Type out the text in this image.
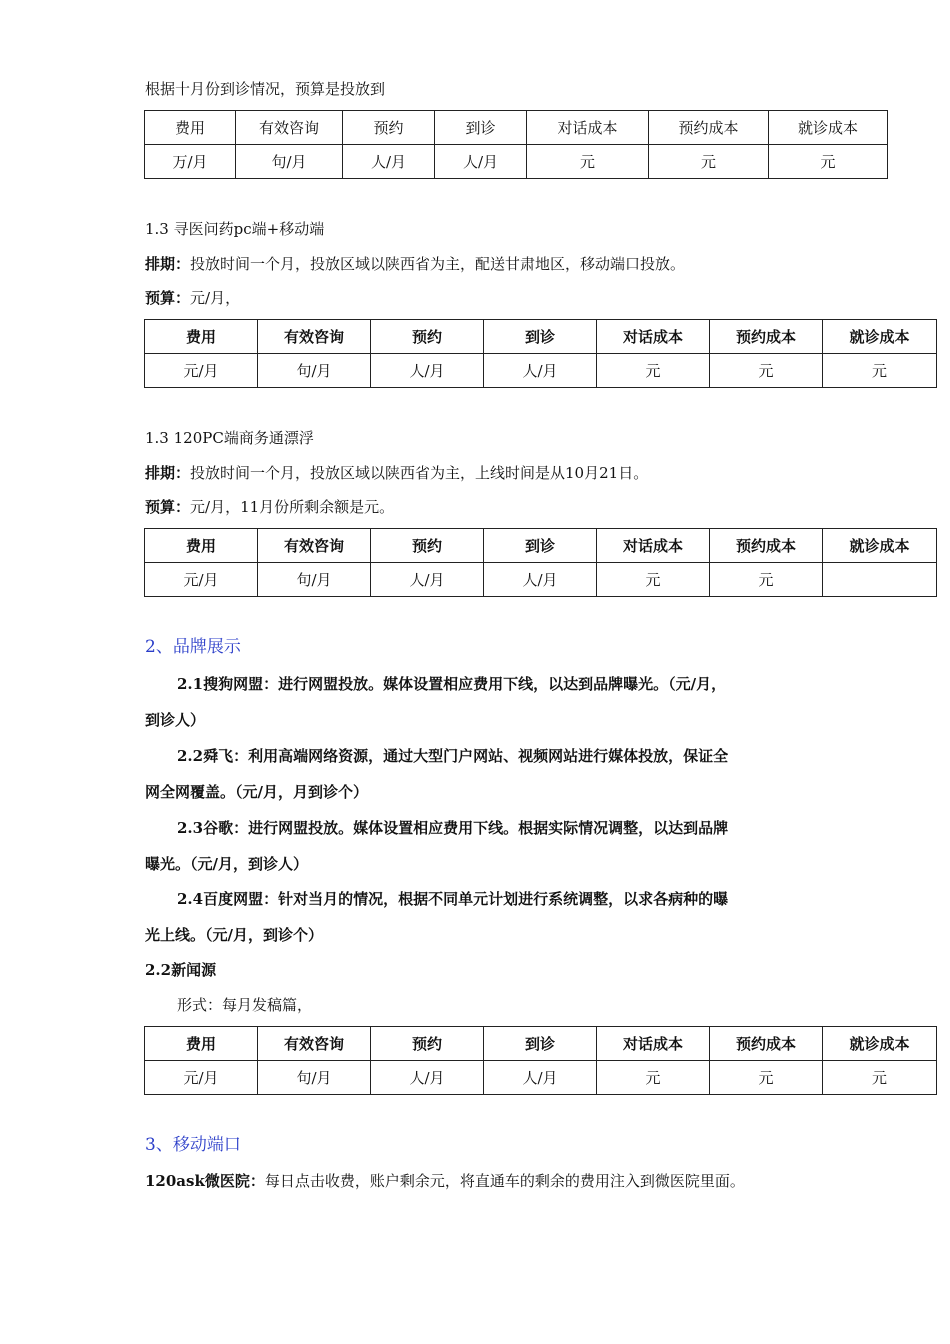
根据十月份到诊情况，预算是投放到
费用	有效咨询	预约	到诊	对话成本	预约成本	就诊成本
万/月	句/月	人/月	人/月	元	元	元
1.3 寻医问药pc端+移动端
排期：投放时间一个月，投放区域以陕西省为主，配送甘肃地区，移动端口投放。
预算：元/月，
费用	有效咨询	预约	到诊	对话成本	预约成本	就诊成本
元/月	句/月	人/月	人/月	元	元	元
1.3 120PC端商务通漂浮
排期：投放时间一个月，投放区域以陕西省为主，上线时间是从10月21日。
预算：元/月，11月份所剩余额是元。
费用	有效咨询	预约	到诊	对话成本	预约成本	就诊成本
元/月	句/月	人/月	人/月	元	元	
2、品牌展示
2.1搜狗网盟：进行网盟投放。媒体设置相应费用下线，以达到品牌曝光。（元/月，
到诊人）
2.2舜飞：利用高端网络资源，通过大型门户网站、视频网站进行媒体投放，保证全
网全网覆盖。（元/月，月到诊个）
2.3谷歌：进行网盟投放。媒体设置相应费用下线。根据实际情况调整，以达到品牌
曝光。（元/月，到诊人）
2.4百度网盟：针对当月的情况，根据不同单元计划进行系统调整，以求各病种的曝
光上线。（元/月，到诊个）
2.2新闻源
形式：每月发稿篇，
费用	有效咨询	预约	到诊	对话成本	预约成本	就诊成本
元/月	句/月	人/月	人/月	元	元	元
3、移动端口
120ask微医院：每日点击收费，账户剩余元，将直通车的剩余的费用注入到微医院里面。
